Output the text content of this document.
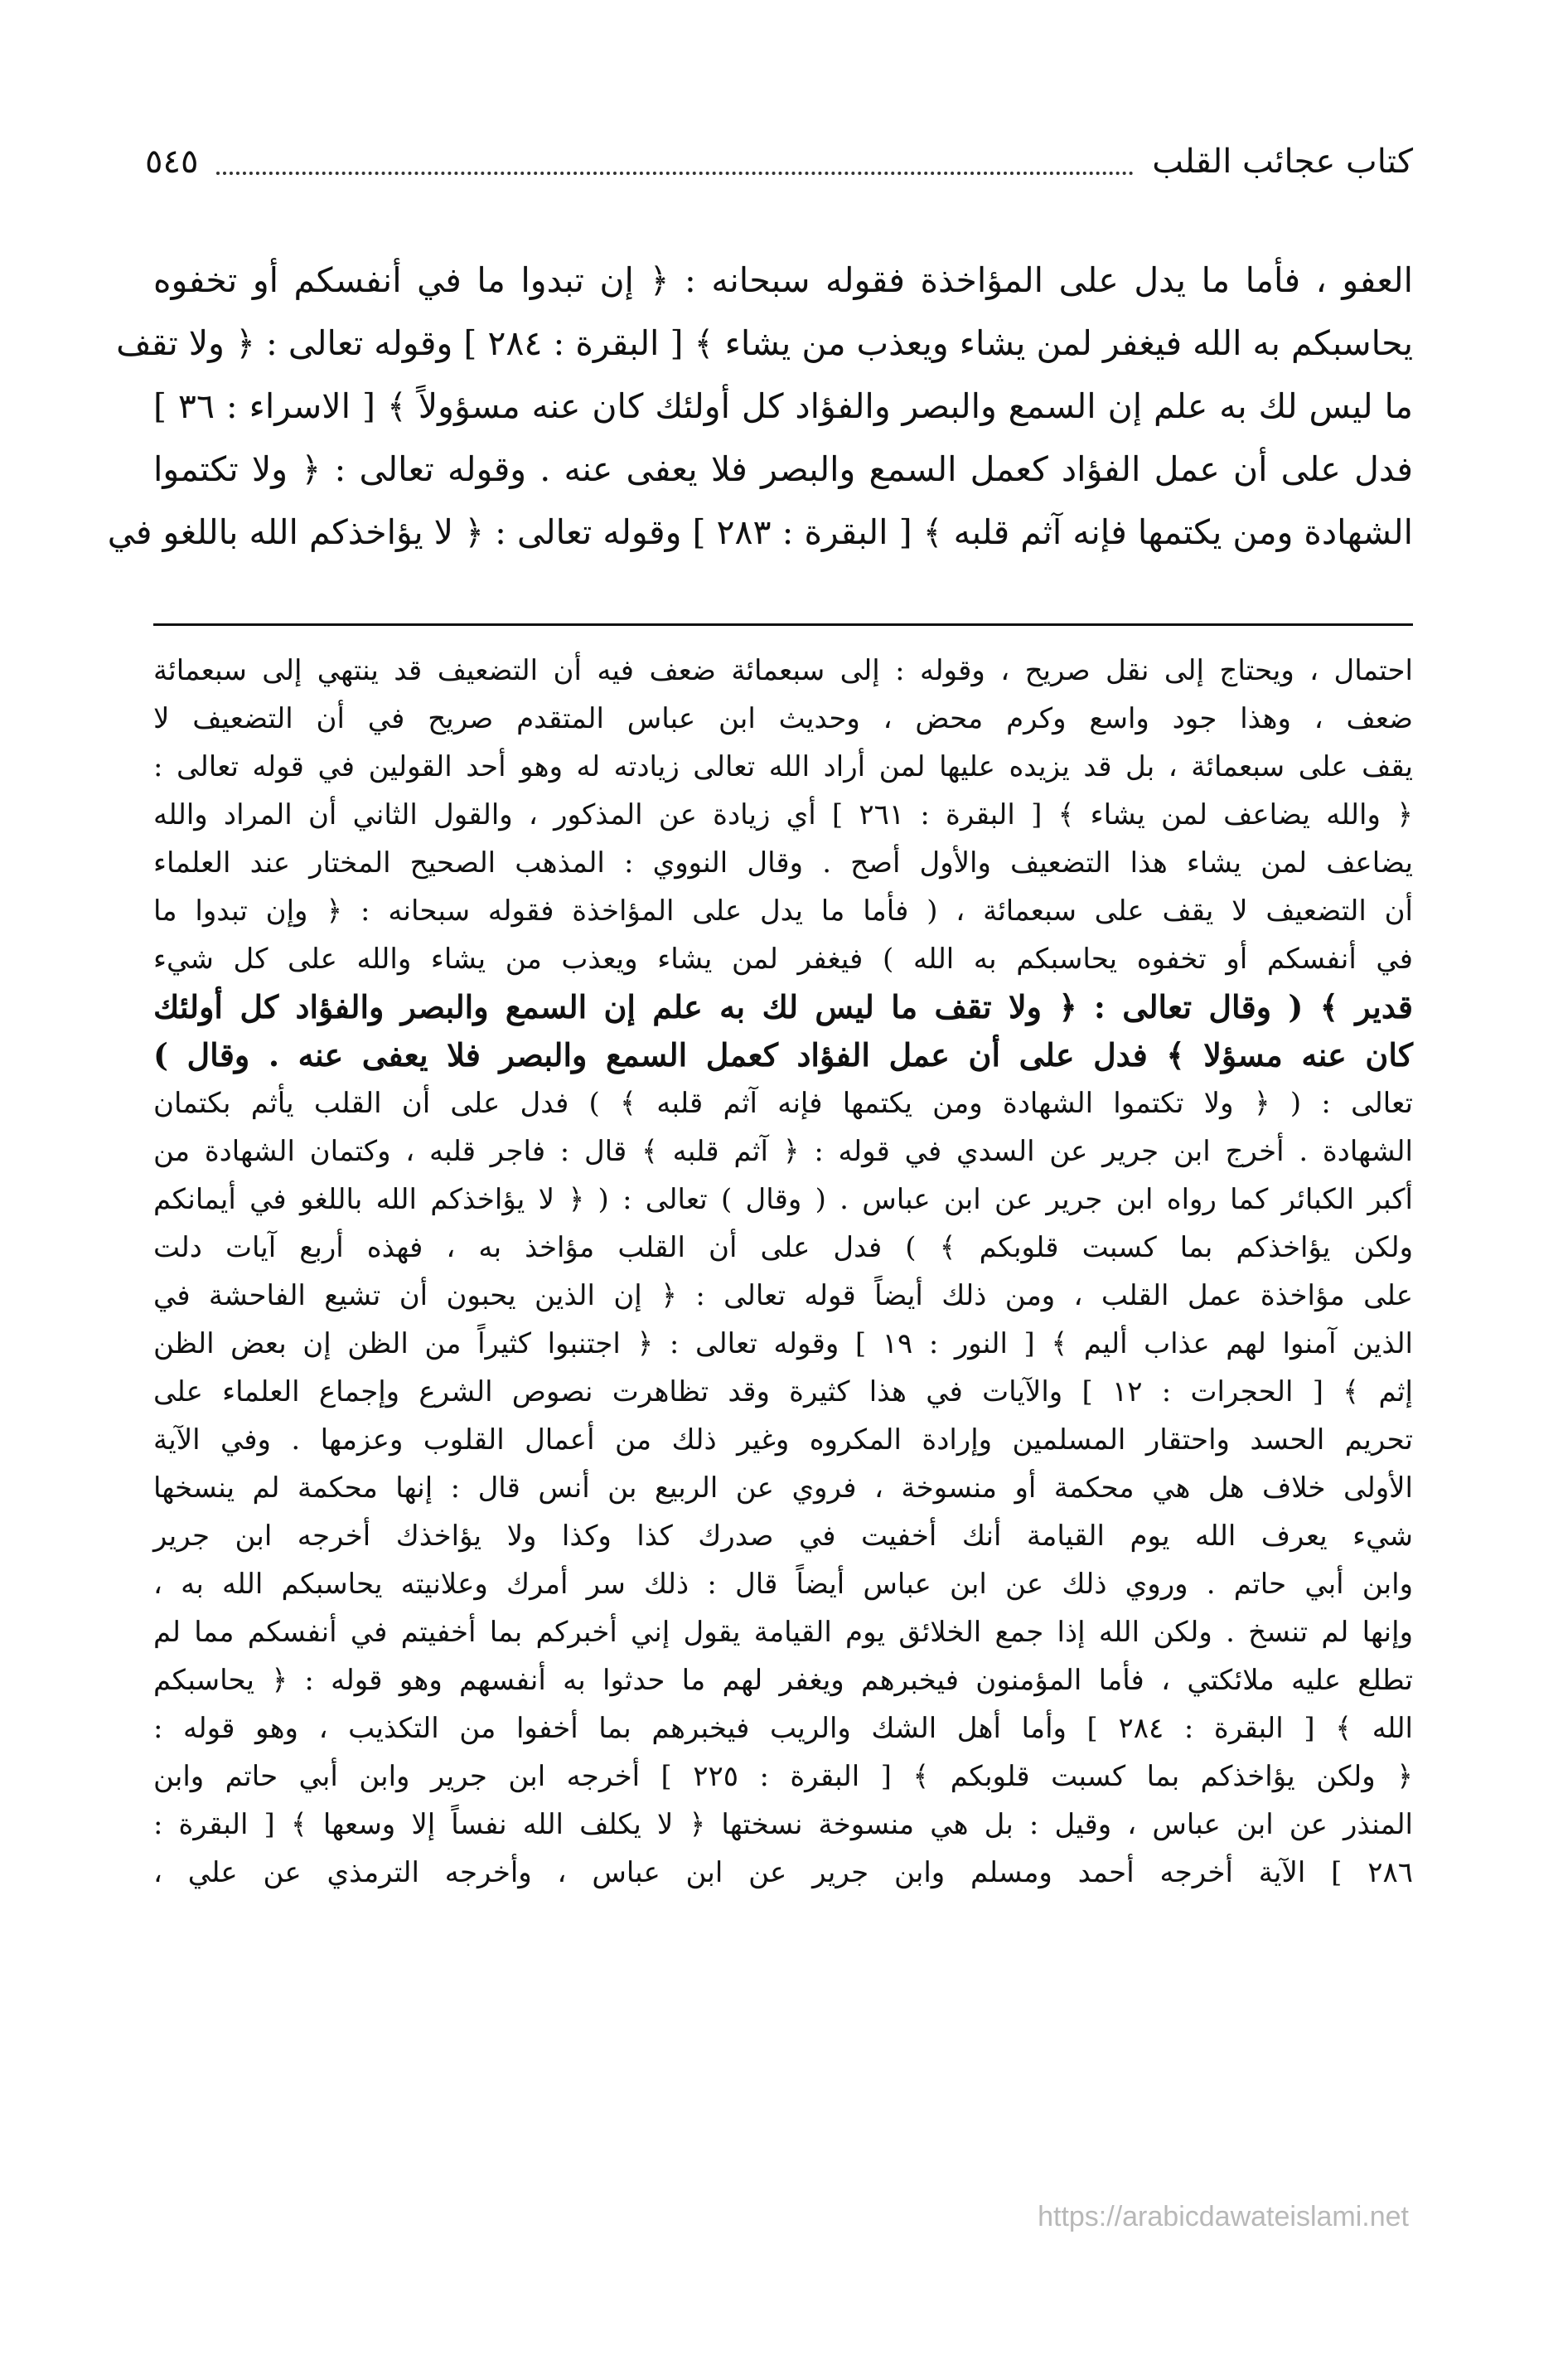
كتاب عجائب القلب
٥٤٥
العفو ، فأما ما يدل على المؤاخذة فقوله سبحانه : ﴿ إن تبدوا ما في أنفسكم أو تخفوه
يحاسبكم به الله فيغفر لمن يشاء ويعذب من يشاء ﴾ [ البقرة : ٢٨٤ ] وقوله تعالى : ﴿ ولا تقف
ما ليس لك به علم إن السمع والبصر والفؤاد كل أولئك كان عنه مسؤولاً ﴾ [ الاسراء : ٣٦ ]
فدل على أن عمل الفؤاد كعمل السمع والبصر فلا يعفى عنه . وقوله تعالى : ﴿ ولا تكتموا
الشهادة ومن يكتمها فإنه آثم قلبه ﴾ [ البقرة : ٢٨٣ ] وقوله تعالى : ﴿ لا يؤاخذكم الله باللغو في
احتمال ، ويحتاج إلى نقل صريح ، وقوله : إلى سبعمائة ضعف فيه أن التضعيف قد ينتهي إلى سبعمائة
ضعف ، وهذا جود واسع وكرم محض ، وحديث ابن عباس المتقدم صريح في أن التضعيف لا
يقف على سبعمائة ، بل قد يزيده عليها لمن أراد الله تعالى زيادته له وهو أحد القولين في قوله تعالى :
﴿ والله يضاعف لمن يشاء ﴾ [ البقرة : ٢٦١ ] أي زيادة عن المذكور ، والقول الثاني أن المراد والله
يضاعف لمن يشاء هذا التضعيف والأول أصح . وقال النووي : المذهب الصحيح المختار عند العلماء
أن التضعيف لا يقف على سبعمائة ، ( فأما ما يدل على المؤاخذة فقوله سبحانه : ﴿ وإن تبدوا ما
في أنفسكم أو تخفوه يحاسبكم به الله ) فيغفر لمن يشاء ويعذب من يشاء والله على كل شيء
قدير ﴾ ( وقال تعالى : ﴿ ولا تقف ما ليس لك به علم إن السمع والبصر والفؤاد كل أولئك
كان عنه مسؤلا ﴾ فدل على أن عمل الفؤاد كعمل السمع والبصر فلا يعفى عنه . وقال )
تعالى : ( ﴿ ولا تكتموا الشهادة ومن يكتمها فإنه آثم قلبه ﴾ ) فدل على أن القلب يأثم بكتمان
الشهادة . أخرج ابن جرير عن السدي في قوله : ﴿ آثم قلبه ﴾ قال : فاجر قلبه ، وكتمان الشهادة من
أكبر الكبائر كما رواه ابن جرير عن ابن عباس . ( وقال ) تعالى : ( ﴿ لا يؤاخذكم الله باللغو في أيمانكم
ولكن يؤاخذكم بما كسبت قلوبكم ﴾ ) فدل على أن القلب مؤاخذ به ، فهذه أربع آيات دلت
على مؤاخذة عمل القلب ، ومن ذلك أيضاً قوله تعالى : ﴿ إن الذين يحبون أن تشيع الفاحشة في
الذين آمنوا لهم عذاب أليم ﴾ [ النور : ١٩ ] وقوله تعالى : ﴿ اجتنبوا كثيراً من الظن إن بعض الظن
إثم ﴾ [ الحجرات : ١٢ ] والآيات في هذا كثيرة وقد تظاهرت نصوص الشرع وإجماع العلماء على
تحريم الحسد واحتقار المسلمين وإرادة المكروه وغير ذلك من أعمال القلوب وعزمها . وفي الآية
الأولى خلاف هل هي محكمة أو منسوخة ، فروي عن الربيع بن أنس قال : إنها محكمة لم ينسخها
شيء يعرف الله يوم القيامة أنك أخفيت في صدرك كذا وكذا ولا يؤاخذك أخرجه ابن جرير
وابن أبي حاتم . وروي ذلك عن ابن عباس أيضاً قال : ذلك سر أمرك وعلانيته يحاسبكم الله به ،
وإنها لم تنسخ . ولكن الله إذا جمع الخلائق يوم القيامة يقول إني أخبركم بما أخفيتم في أنفسكم مما لم
تطلع عليه ملائكتي ، فأما المؤمنون فيخبرهم ويغفر لهم ما حدثوا به أنفسهم وهو قوله : ﴿ يحاسبكم
الله ﴾ [ البقرة : ٢٨٤ ] وأما أهل الشك والريب فيخبرهم بما أخفوا من التكذيب ، وهو قوله :
﴿ ولكن يؤاخذكم بما كسبت قلوبكم ﴾ [ البقرة : ٢٢٥ ] أخرجه ابن جرير وابن أبي حاتم وابن
المنذر عن ابن عباس ، وقيل : بل هي منسوخة نسختها ﴿ لا يكلف الله نفساً إلا وسعها ﴾ [ البقرة :
٢٨٦ ] الآية أخرجه أحمد ومسلم وابن جرير عن ابن عباس ، وأخرجه الترمذي عن علي ،
https://arabicdawateislami.net
